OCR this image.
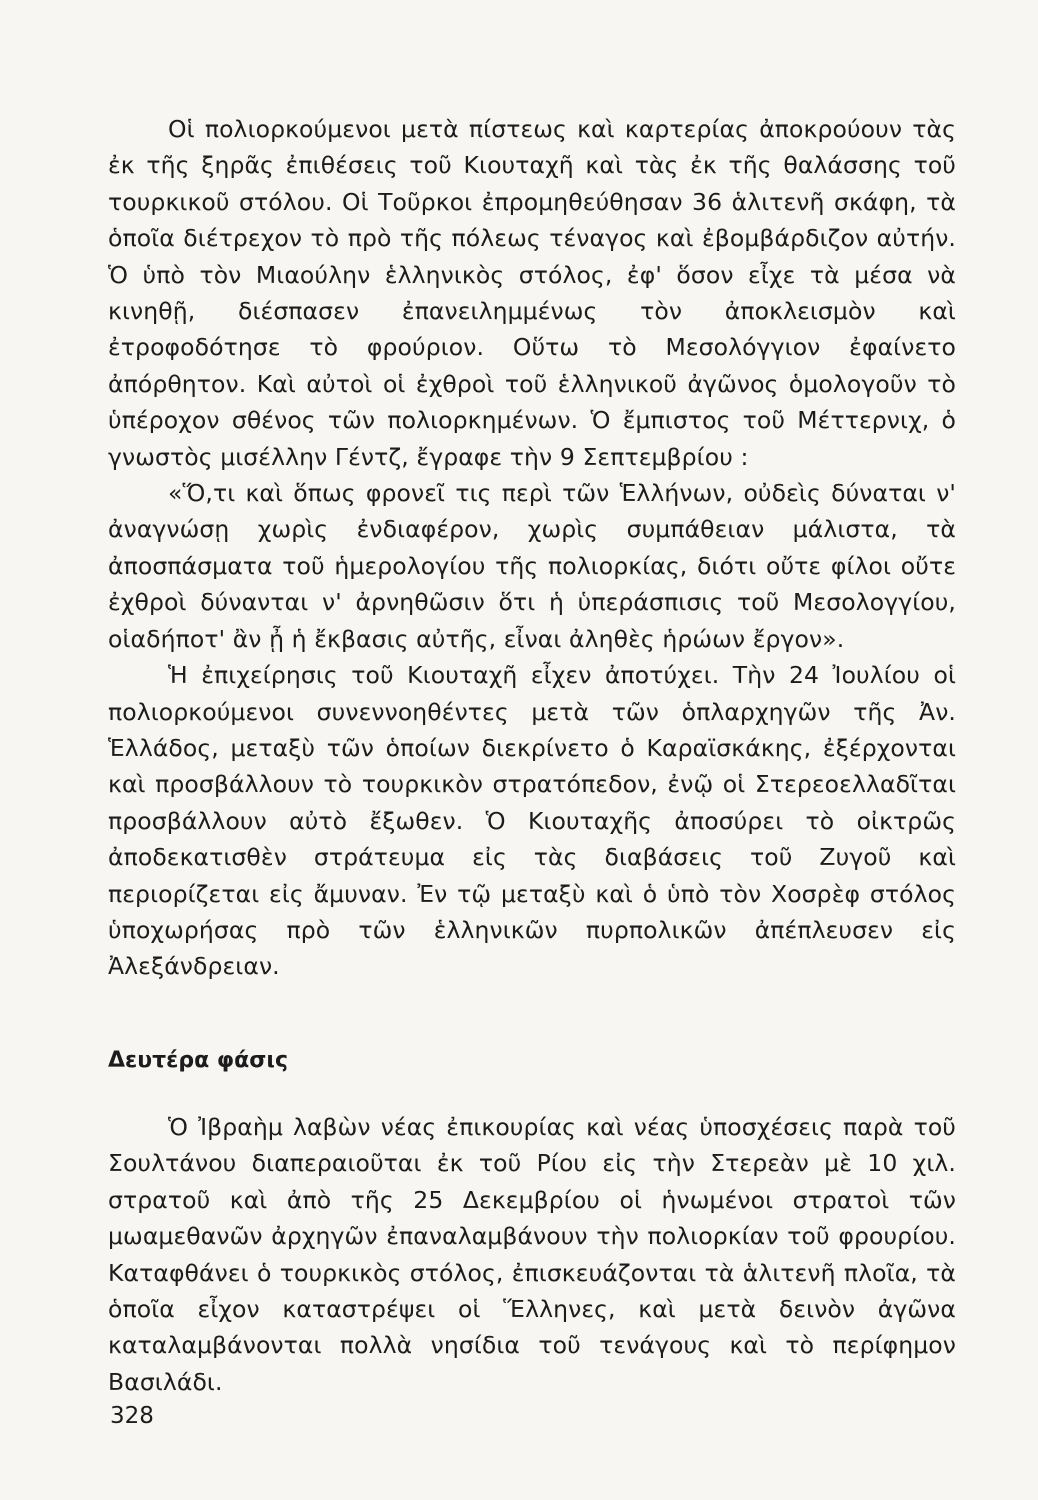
Οἱ πολιορκούμενοι μετὰ πίστεως καὶ καρτερίας ἀποκρούουν τὰς ἐκ τῆς ξηρᾶς ἐπιθέσεις τοῦ Κιουταχῆ καὶ τὰς ἐκ τῆς θαλάσσης τοῦ τουρκικοῦ στόλου. Οἱ Τοῦρκοι ἐπρομηθεύθησαν 36 ἁλιτενῆ σκάφη, τὰ ὁποῖα διέτρεχον τὸ πρὸ τῆς πόλεως τέναγος καὶ ἐβομβάρδιζον αὐτήν. Ὁ ὑπὸ τὸν Μιαούλην ἑλληνικὸς στόλος, ἐφ' ὅσον εἶχε τὰ μέσα νὰ κινηθῇ, διέσπασεν ἐπανειλημμένως τὸν ἀποκλεισμὸν καὶ ἐτροφοδότησε τὸ φρούριον. Οὕτω τὸ Μεσολόγγιον ἐφαίνετο ἀπόρθητον. Καὶ αὐτοὶ οἱ ἐχθροὶ τοῦ ἑλληνικοῦ ἀγῶνος ὁμολογοῦν τὸ ὑπέροχον σθένος τῶν πολιορκημένων. Ὁ ἔμπιστος τοῦ Μέττερνιχ, ὁ γνωστὸς μισέλλην Γέντζ, ἔγραφε τὴν 9 Σεπτεμβρίου :

«Ὅ,τι καὶ ὅπως φρονεῖ τις περὶ τῶν Ἑλλήνων, οὐδεὶς δύναται ν' ἀναγνώσῃ χωρὶς ἐνδιαφέρον, χωρὶς συμπάθειαν μάλιστα, τὰ ἀποσπάσματα τοῦ ἡμερολογίου τῆς πολιορκίας, διότι οὔτε φίλοι οὔτε ἐχθροὶ δύνανται ν' ἀρνηθῶσιν ὅτι ἡ ὑπεράσπισις τοῦ Μεσολογγίου, οἱαδήποτ' ἂν ᾖ ἡ ἔκβασις αὐτῆς, εἶναι ἀληθὲς ἡρώων ἔργον».

Ἡ ἐπιχείρησις τοῦ Κιουταχῆ εἶχεν ἀποτύχει. Τὴν 24 Ἰουλίου οἱ πολιορκούμενοι συνεννοηθέντες μετὰ τῶν ὁπλαρχηγῶν τῆς Ἀν. Ἑλλάδος, μεταξὺ τῶν ὁποίων διεκρίνετο ὁ Καραϊσκάκης, ἐξέρχονται καὶ προσβάλλουν τὸ τουρκικὸν στρατόπεδον, ἐνῷ οἱ Στερεοελλαδῖται προσβάλλουν αὐτὸ ἔξωθεν. Ὁ Κιουταχῆς ἀποσύρει τὸ οἰκτρῶς ἀποδεκατισθὲν στράτευμα εἰς τὰς διαβάσεις τοῦ Ζυγοῦ καὶ περιορίζεται εἰς ἄμυναν. Ἐν τῷ μεταξὺ καὶ ὁ ὑπὸ τὸν Χοσρὲφ στόλος ὑποχωρήσας πρὸ τῶν ἑλληνικῶν πυρπολικῶν ἀπέπλευσεν εἰς Ἀλεξάνδρειαν.

Δευτέρα φάσις

Ὁ Ἰβραὴμ λαβὼν νέας ἐπικουρίας καὶ νέας ὑποσχέσεις παρὰ τοῦ Σουλτάνου διαπεραιοῦται ἐκ τοῦ Ρίου εἰς τὴν Στερεὰν μὲ 10 χιλ. στρατοῦ καὶ ἀπὸ τῆς 25 Δεκεμβρίου οἱ ἡνωμένοι στρατοὶ τῶν μωαμεθανῶν ἀρχηγῶν ἐπαναλαμβάνουν τὴν πολιορκίαν τοῦ φρουρίου. Καταφθάνει ὁ τουρκικὸς στόλος, ἐπισκευάζονται τὰ ἁλιτενῆ πλοῖα, τὰ ὁποῖα εἶχον καταστρέψει οἱ Ἕλληνες, καὶ μετὰ δεινὸν ἀγῶνα καταλαμβάνονται πολλὰ νησίδια τοῦ τενάγους καὶ τὸ περίφημον Βασιλάδι.

328
